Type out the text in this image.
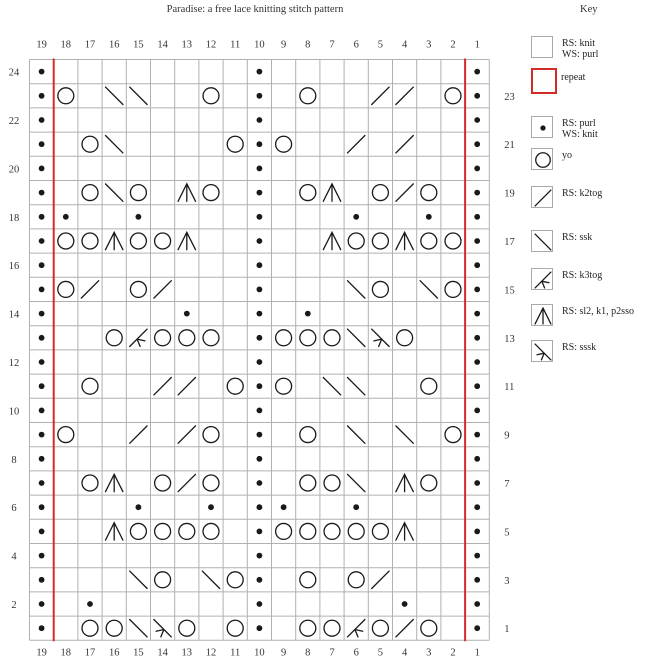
Paradise: a free lace knitting stitch pattern	Key
19
19
18
18
17
17
16
16
15
15
14
14
13
13
12
12
11
11
10
10
9
9
8
8
7
7
6
6
5
5
4
4
3
3
2
2
1
1
24
23
22
21
20
19
18
17
16
15
14
13
12
11
10
9
8
7
6
5
4
3
2
1
RS: knit
WS: purl
repeat
RS: purl
WS: knit
yo
RS: k2tog
RS: ssk
RS: k3tog
RS: sl2, k1, p2sso
RS: sssk
